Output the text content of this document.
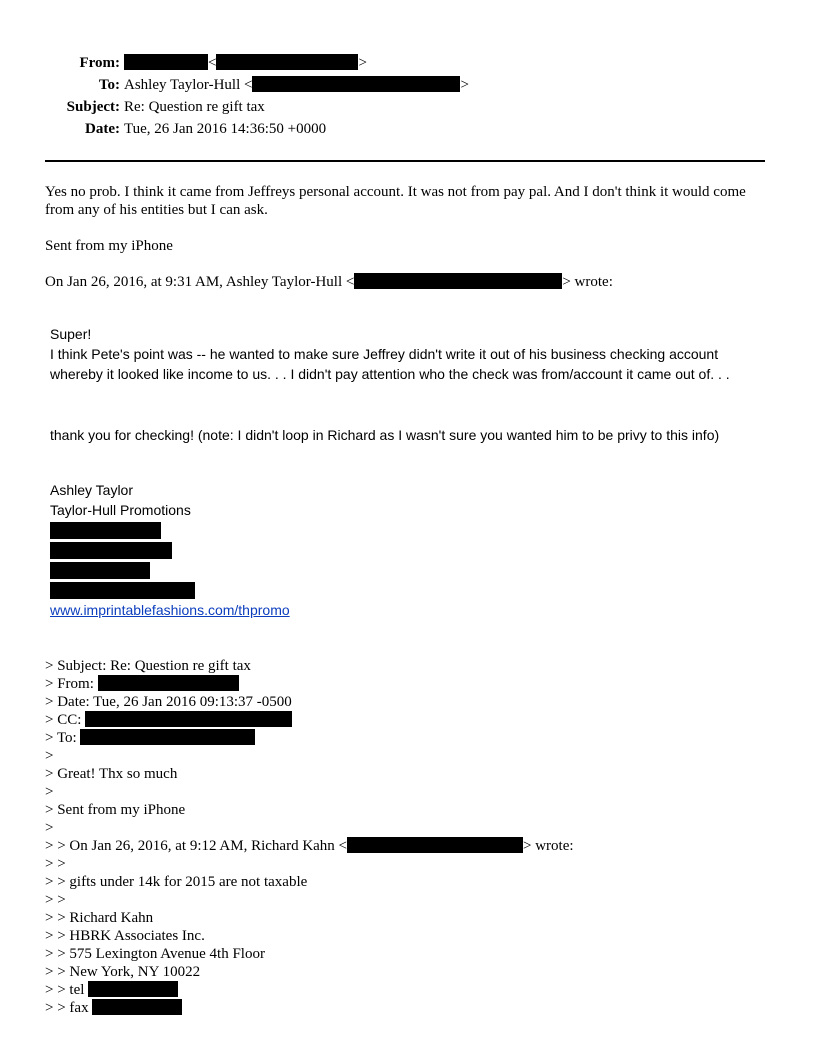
From:	<	>
To: Ashley Taylor-Hull <	>
Subject: Re: Question re gift tax
Date: Tue, 26 Jan 2016 14:36:50 +0000
Yes no prob. I think it came from Jeffreys personal account. It was not from pay pal. And I don't think it would come from any of his entities but I can ask.
Sent from my iPhone
On Jan 26, 2016, at 9:31 AM, Ashley Taylor-Hull <	> wrote:
Super!
I think Pete's point was -- he wanted to make sure Jeffrey didn't write it out of his business checking account whereby it looked like income to us. . . I didn't pay attention who the check was from/account it came out of. . .
thank you for checking! (note: I didn't loop in Richard as I wasn't sure you wanted him to be privy to this info)
Ashley Taylor
Taylor-Hull Promotions
www.imprintablefashions.com/thpromo
> Subject: Re: Question re gift tax
> From:
> Date: Tue, 26 Jan 2016 09:13:37 -0500
> CC:
> To:
>
> Great! Thx so much
>
> Sent from my iPhone
>
> > On Jan 26, 2016, at 9:12 AM, Richard Kahn <	> wrote:
> >
> > gifts under 14k for 2015 are not taxable
> >
> > Richard Kahn
> > HBRK Associates Inc.
> > 575 Lexington Avenue 4th Floor
> > New York, NY 10022
> > tel
> > fax
